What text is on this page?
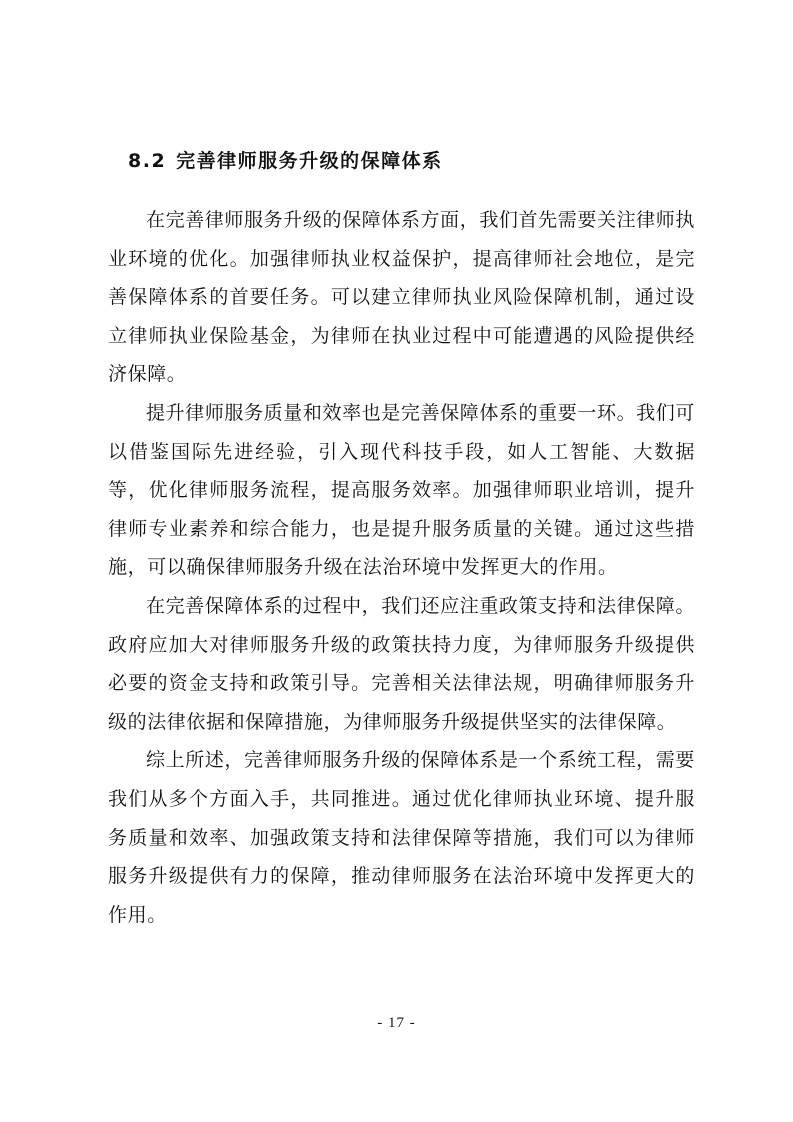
8.2 完善律师服务升级的保障体系

在完善律师服务升级的保障体系方面，我们首先需要关注律师执业环境的优化。加强律师执业权益保护，提高律师社会地位，是完善保障体系的首要任务。可以建立律师执业风险保障机制，通过设立律师执业保险基金，为律师在执业过程中可能遭遇的风险提供经济保障。

提升律师服务质量和效率也是完善保障体系的重要一环。我们可以借鉴国际先进经验，引入现代科技手段，如人工智能、大数据等，优化律师服务流程，提高服务效率。加强律师职业培训，提升律师专业素养和综合能力，也是提升服务质量的关键。通过这些措施，可以确保律师服务升级在法治环境中发挥更大的作用。

在完善保障体系的过程中，我们还应注重政策支持和法律保障。政府应加大对律师服务升级的政策扶持力度，为律师服务升级提供必要的资金支持和政策引导。完善相关法律法规，明确律师服务升级的法律依据和保障措施，为律师服务升级提供坚实的法律保障。

综上所述，完善律师服务升级的保障体系是一个系统工程，需要我们从多个方面入手，共同推进。通过优化律师执业环境、提升服务质量和效率、加强政策支持和法律保障等措施，我们可以为律师服务升级提供有力的保障，推动律师服务在法治环境中发挥更大的作用。

- 17 -
